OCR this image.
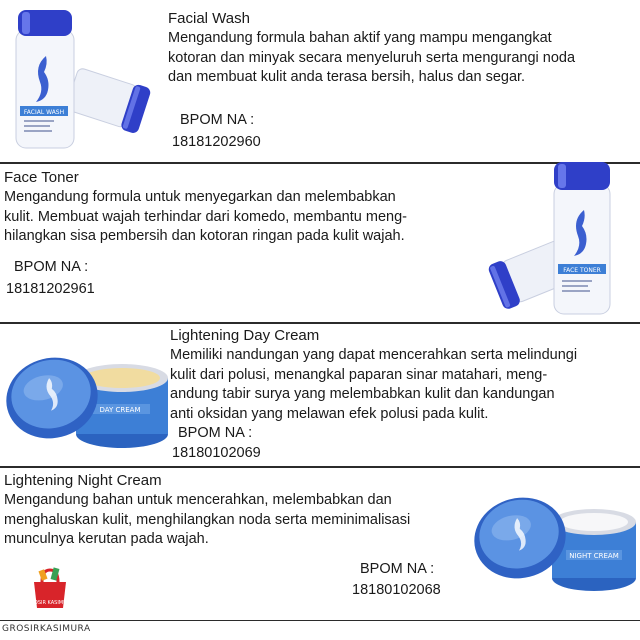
FACIAL WASH
Facial Wash
Mengandung formula bahan aktif yang mampu mengangkat
kotoran dan minyak secara menyeluruh serta mengurangi noda
dan membuat kulit anda terasa bersih, halus dan segar.
BPOM NA :
18181202960
Face Toner
Mengandung formula untuk menyegarkan dan melembabkan
kulit. Membuat wajah terhindar dari komedo, membantu meng-
hilangkan sisa pembersih dan kotoran ringan pada kulit wajah.
BPOM NA :
18181202961
FACE TONER
DAY CREAM
Lightening Day Cream
Memiliki nandungan yang dapat mencerahkan serta melindungi
kulit dari polusi, menangkal paparan sinar matahari, meng-
andung tabir surya yang melembabkan kulit dan kandungan
anti oksidan yang melawan efek polusi pada kulit.
BPOM NA :
18180102069
Lightening Night Cream
Mengandung bahan untuk mencerahkan, melembabkan dan
menghaluskan kulit, menghilangkan noda serta meminimalisasi
munculnya kerutan pada wajah.
NIGHT CREAM
BPOM NA :
18180102068
GROSIR KASIMURA
GROSIRKASIMURA
